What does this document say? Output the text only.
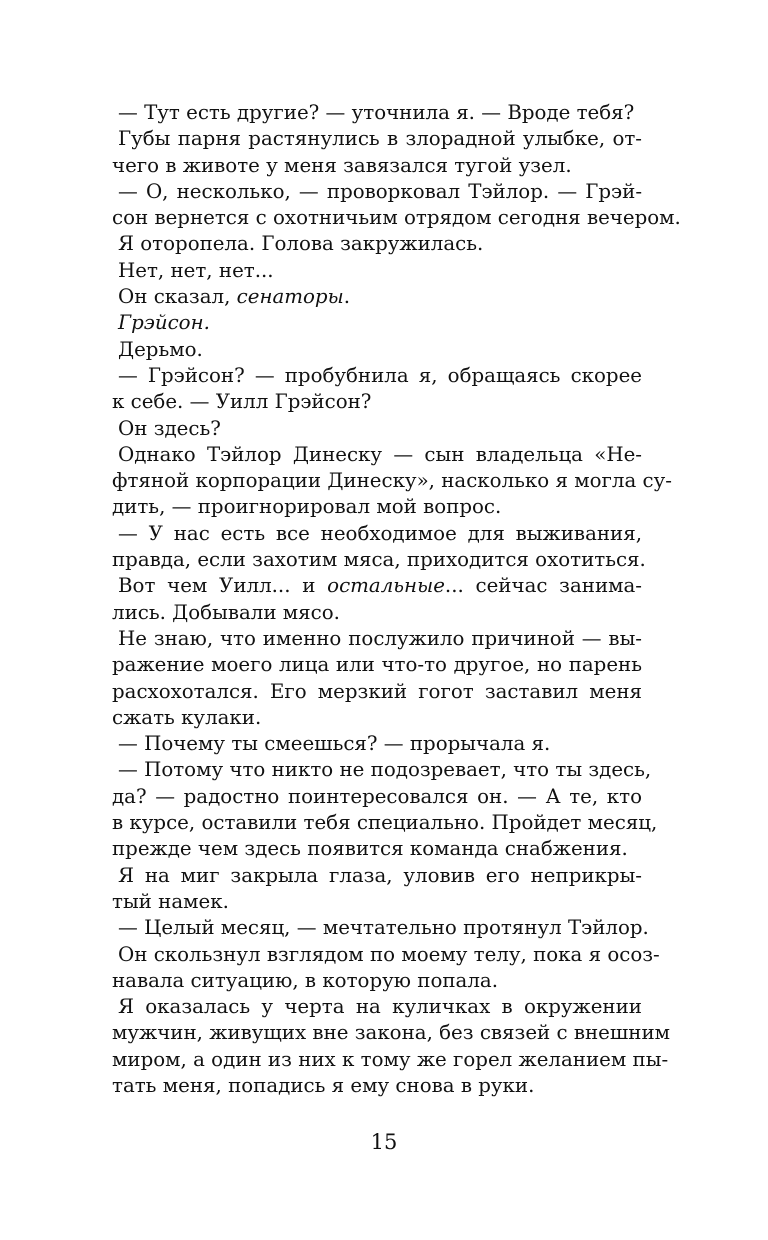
— Тут есть другие? — уточнила я. — Вроде тебя?

Губы парня растянулись в злорадной улыбке, от-
чего в животе у меня завязался тугой узел.

— О, несколько, — проворковал Тэйлор. — Грэй-
сон вернется с охотничьим отрядом сегодня вечером.

Я оторопела. Голова закружилась.

Нет, нет, нет...

Он сказал, сенаторы.

Грэйсон.

Дерьмо.

— Грэйсон? — пробубнила я, обращаясь скорее
к себе. — Уилл Грэйсон?

Он здесь?

Однако Тэйлор Динеску — сын владельца «Не-
фтяной корпорации Динеску», насколько я могла су-
дить, — проигнорировал мой вопрос.

— У нас есть все необходимое для выживания,
правда, если захотим мяса, приходится охотиться.

Вот чем Уилл... и остальные... сейчас занима-
лись. Добывали мясо.

Не знаю, что именно послужило причиной — вы-
ражение моего лица или что-то другое, но парень
расхохотался. Его мерзкий гогот заставил меня
сжать кулаки.

— Почему ты смеешься? — прорычала я.

— Потому что никто не подозревает, что ты здесь,
да? — радостно поинтересовался он. — А те, кто
в курсе, оставили тебя специально. Пройдет месяц,
прежде чем здесь появится команда снабжения.

Я на миг закрыла глаза, уловив его неприкры-
тый намек.

— Целый месяц, — мечтательно протянул Тэйлор.

Он скользнул взглядом по моему телу, пока я осоз-
навала ситуацию, в которую попала.

Я оказалась у черта на куличках в окружении
мужчин, живущих вне закона, без связей с внешним
миром, а один из них к тому же горел желанием пы-
тать меня, попадись я ему снова в руки.

15
